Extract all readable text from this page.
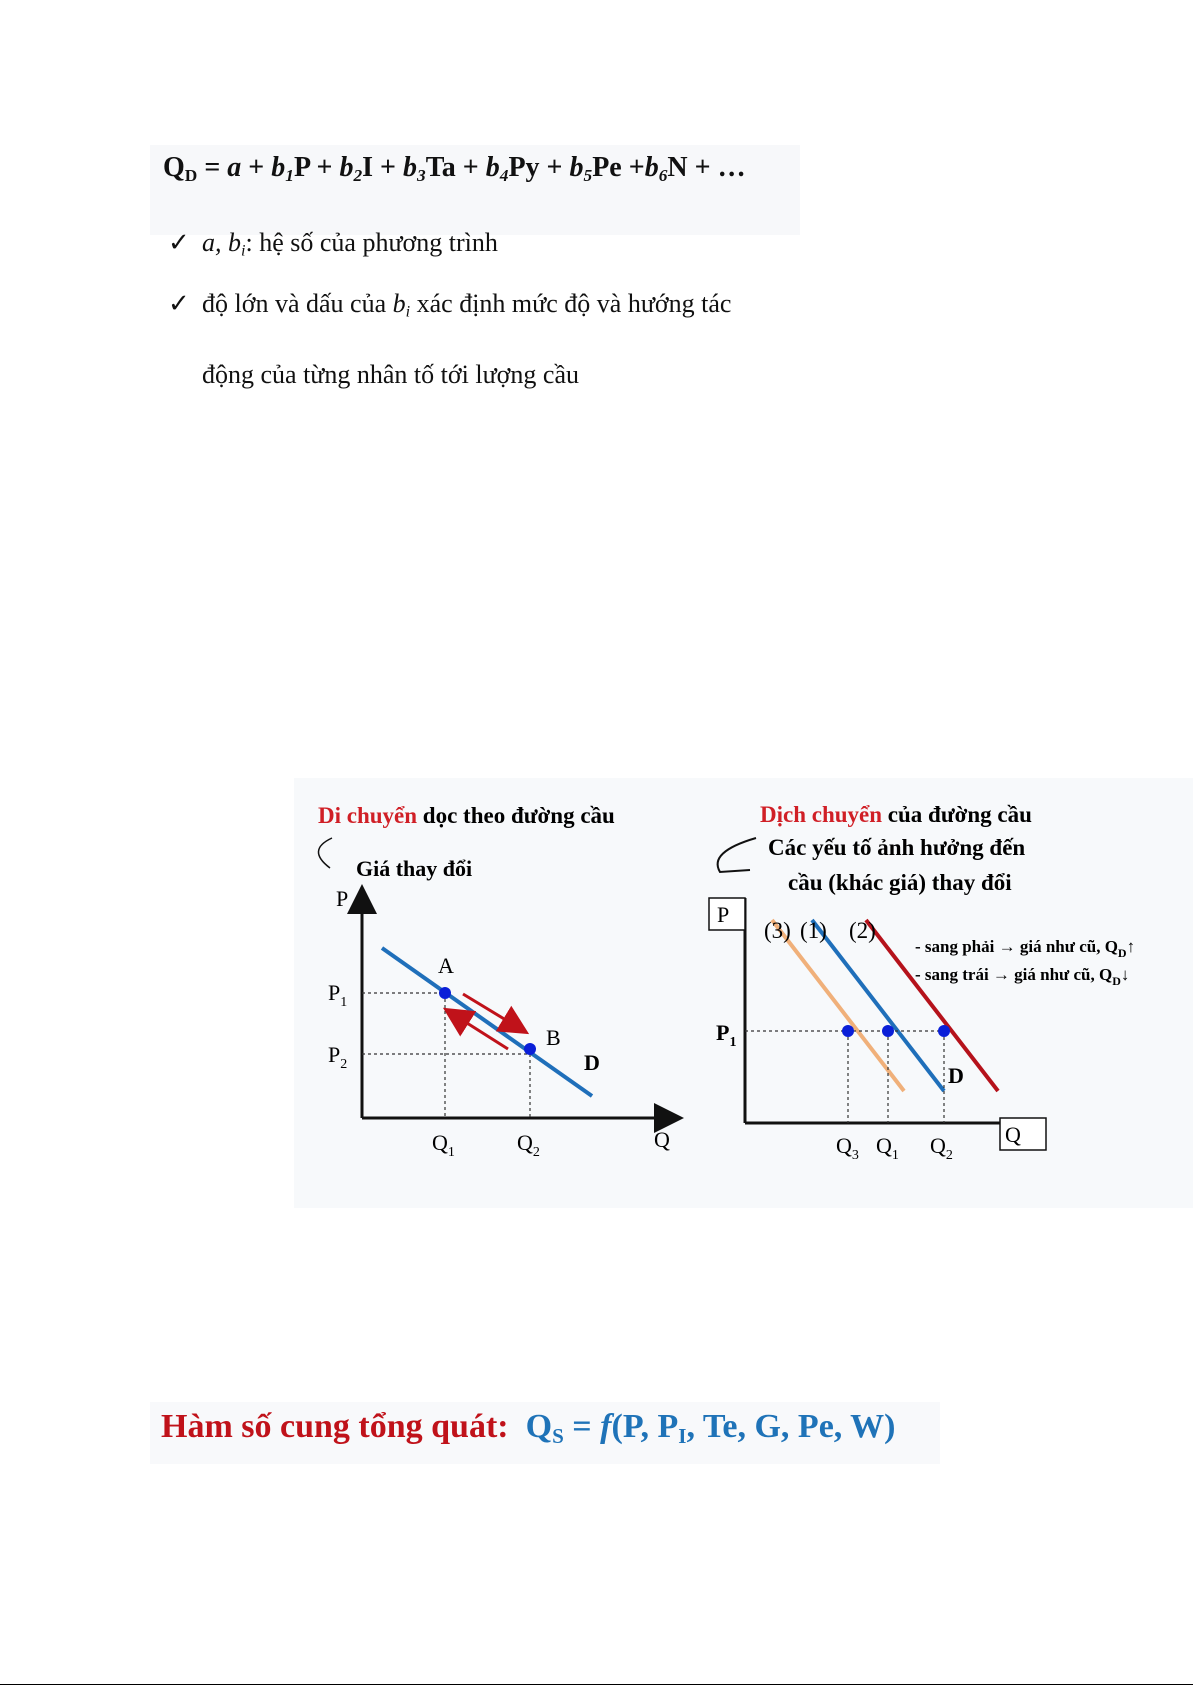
$Q_D = a + b_1P + b_2I + b_3Ta + b_4Py + b_5Pe +b_6N$ + …
✓ a, $b_i$: hệ số của phương trình
✓ độ lớn và dấu của $b_i$ xác định mức độ và hướng tác
động của từng nhân tố tới lượng cầu
Di chuyển dọc theo đường cầu
Giá thay đổi
P
Q
A
B
D
$P_1$
$P_2$
$Q_1$	$Q_2$
Dịch chuyển của đường cầu
Các yếu tố ảnh hưởng đến
cầu (khác giá) thay đổi
P
Q
(3) (1) (2)
D
$P_1$
$Q_3$ $Q_1$ $Q_2$
- sang phải → giá như cũ, $Q_D↑$
- sang trái → giá như cũ, $Q_D↓$
Hàm số cung tổng quát: $Q_S = f(P$, $P_I$, Te, G, Pe, W)
